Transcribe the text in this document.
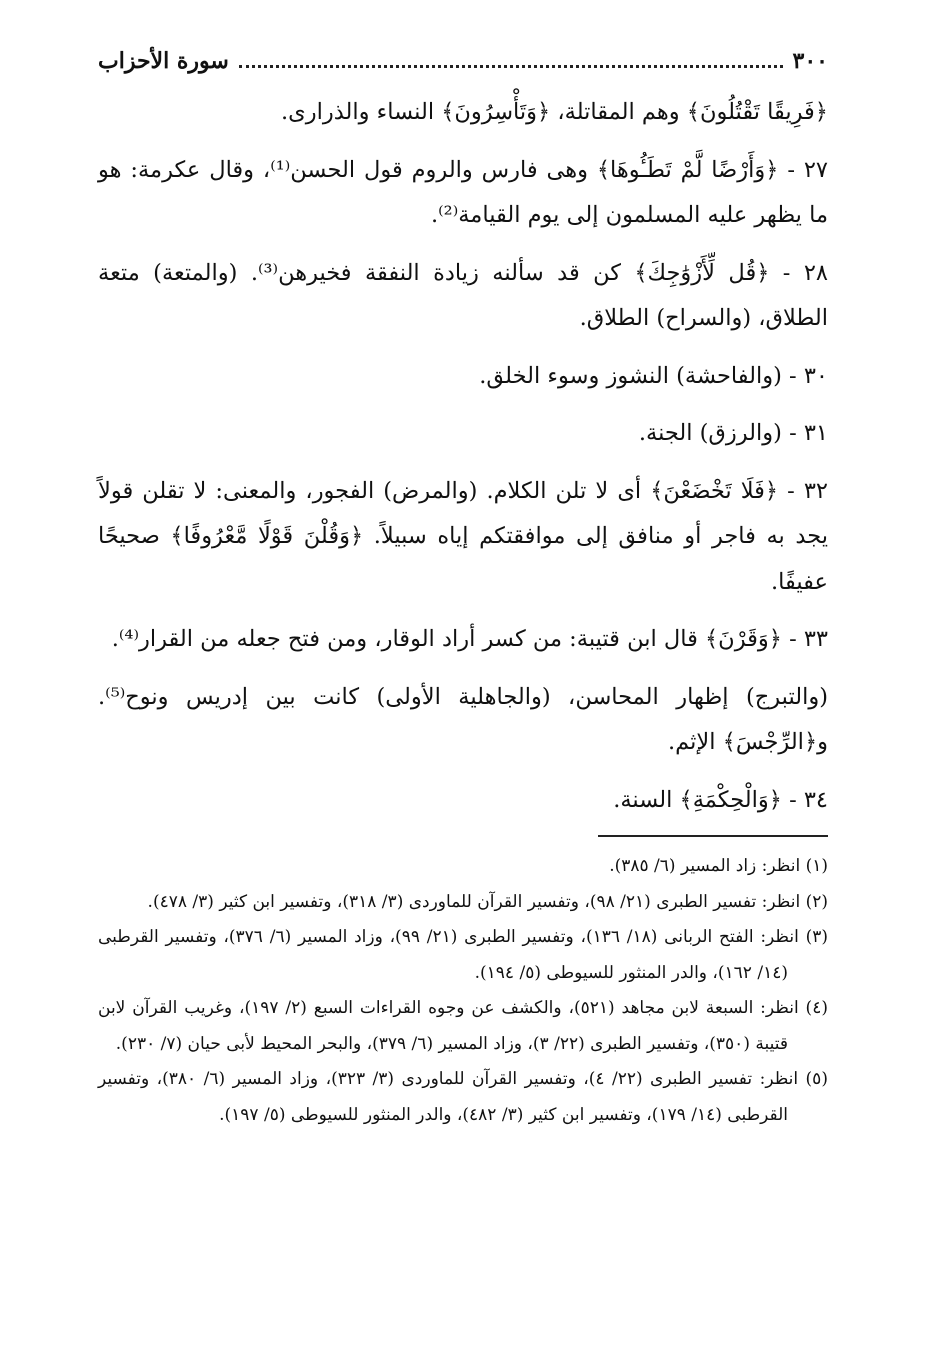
٣٠٠
سورة الأحزاب

﴿فَرِيقًا تَقْتُلُونَ﴾ وهم المقاتلة، ﴿وَتَأْسِرُونَ﴾ النساء والذرارى.

٢٧ - ﴿وَأَرْضًا لَّمْ تَطَـُٔوهَا﴾ وهى فارس والروم قول الحسن⁽¹⁾، وقال عكرمة: هو ما يظهر عليه المسلمون إلى يوم القيامة⁽²⁾.

٢٨ - ﴿قُل لِّأَزْوَٰجِكَ﴾ كن قد سألنه زيادة النفقة فخيرهن⁽³⁾. (والمتعة) متعة الطلاق، (والسراح) الطلاق.

٣٠ - (والفاحشة) النشوز وسوء الخلق.

٣١ - (والرزق) الجنة.

٣٢ - ﴿فَلَا تَخْضَعْنَ﴾ أى لا تلن الكلام. (والمرض) الفجور، والمعنى: لا تقلن قولاً يجد به فاجر أو منافق إلى موافقتكم إياه سبيلاً. ﴿وَقُلْنَ قَوْلًا مَّعْرُوفًا﴾ صحيحًا عفيفًا.

٣٣ - ﴿وَقَرْنَ﴾ قال ابن قتيبة: من كسر أراد الوقار، ومن فتح جعله من القرار⁽⁴⁾.

(والتبرج) إظهار المحاسن، (والجاهلية الأولى) كانت بين إدريس ونوح⁽⁵⁾. و﴿الرِّجْسَ﴾ الإثم.

٣٤ - ﴿وَالْحِكْمَةِ﴾ السنة.

(١) انظر: زاد المسير (٦/ ٣٨٥).

(٢) انظر: تفسير الطبرى (٢١/ ٩٨)، وتفسير القرآن للماوردى (٣/ ٣١٨)، وتفسير ابن كثير (٣/ ٤٧٨).

(٣) انظر: الفتح الربانى (١٨/ ١٣٦)، وتفسير الطبرى (٢١/ ٩٩)، وزاد المسير (٦/ ٣٧٦)، وتفسير القرطبى (١٤/ ١٦٢)، والدر المنثور للسيوطى (٥/ ١٩٤).

(٤) انظر: السبعة لابن مجاهد (٥٢١)، والكشف عن وجوه القراءات السبع (٢/ ١٩٧)، وغريب القرآن لابن قتيبة (٣٥٠)، وتفسير الطبرى (٢٢/ ٣)، وزاد المسير (٦/ ٣٧٩)، والبحر المحيط لأبى حيان (٧/ ٢٣٠).

(٥) انظر: تفسير الطبرى (٢٢/ ٤)، وتفسير القرآن للماوردى (٣/ ٣٢٣)، وزاد المسير (٦/ ٣٨٠)، وتفسير القرطبى (١٤/ ١٧٩)، وتفسير ابن كثير (٣/ ٤٨٢)، والدر المنثور للسيوطى (٥/ ١٩٧).
